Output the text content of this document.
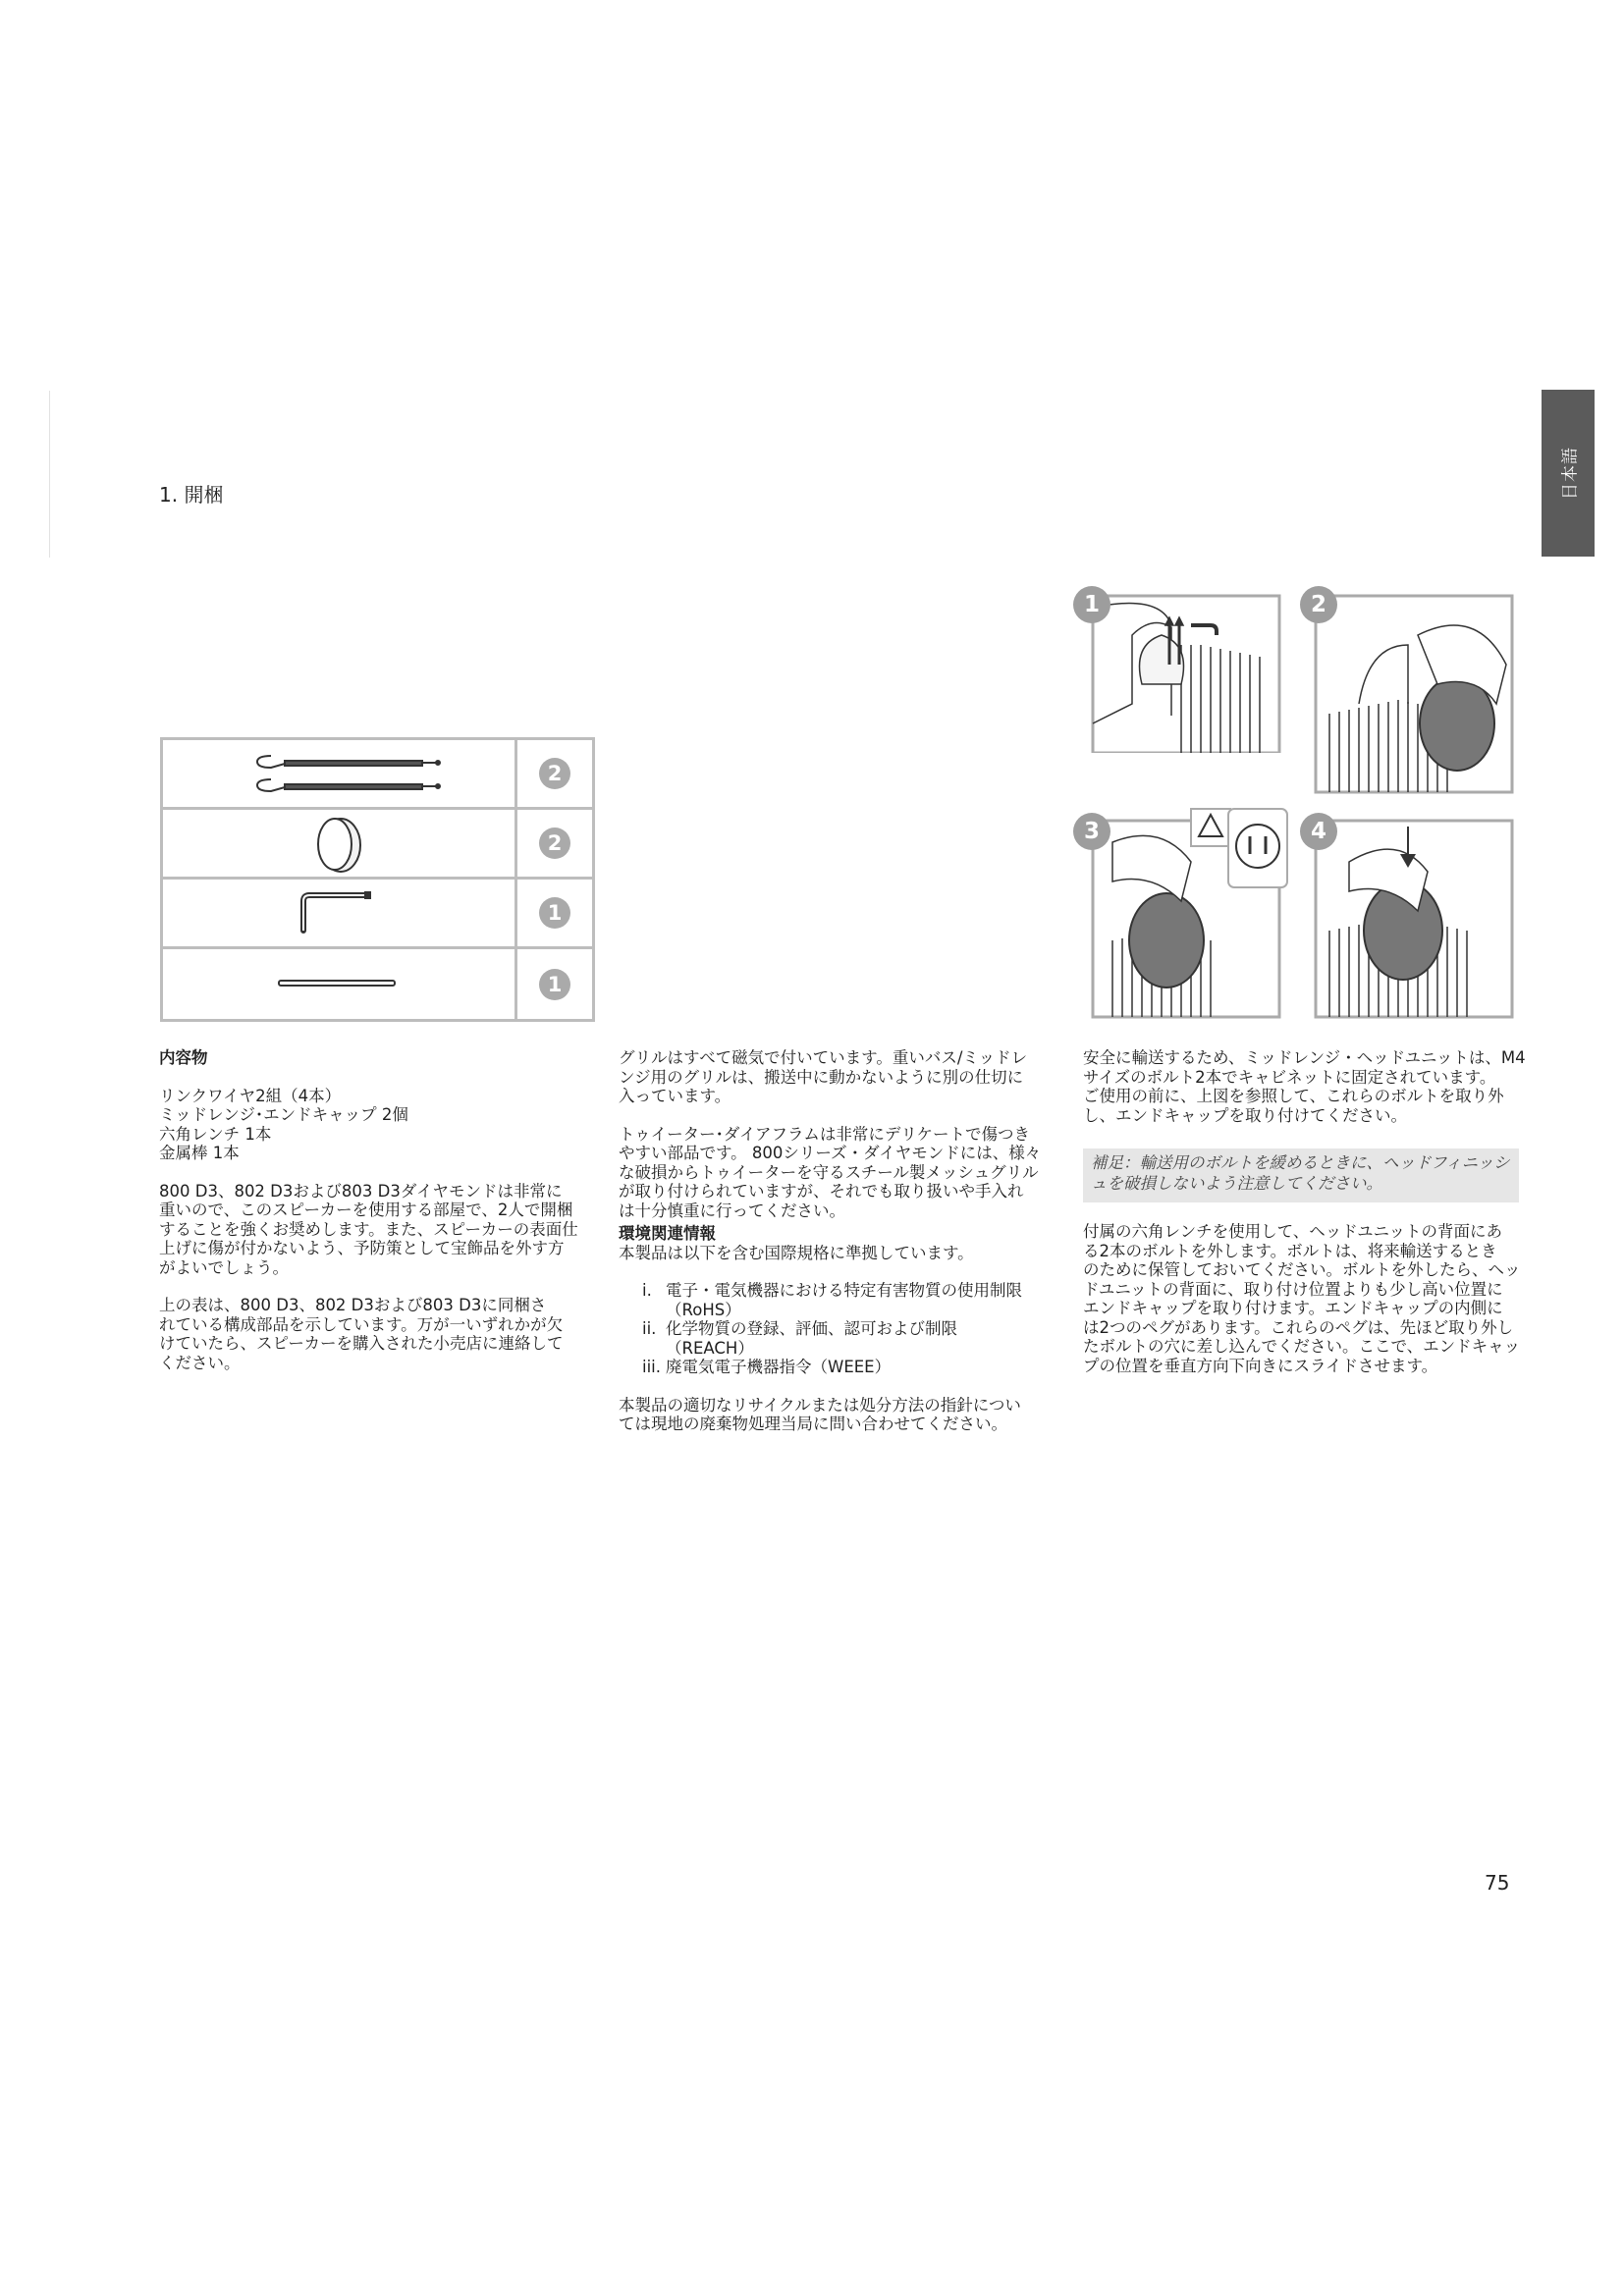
日本語
1. 開梱
2
2
1
1
1	2
3	4

内容物

リンクワイヤ2組（4本）

ミッドレンジ･エンドキャップ 2個

六角レンチ 1本

金属棒 1本

800 D3、802 D3および803 D3ダイヤモンドは非常に

重いので、このスピーカーを使用する部屋で、2人で開梱

することを強くお奨めします。また、スピーカーの表面仕

上げに傷が付かないよう、予防策として宝飾品を外す方

がよいでしょう。

上の表は、800 D3、802 D3および803 D3に同梱さ

れている構成部品を示しています。万が一いずれかが欠

けていたら、スピーカーを購入された小売店に連絡して

ください。

グリルはすべて磁気で付いています。重いバス/ミッドレ

ンジ用のグリルは、搬送中に動かないように別の仕切に

入っています。

トゥイーター･ダイアフラムは非常にデリケートで傷つき

やすい部品です。 800シリーズ・ダイヤモンドには、様々

な破損からトゥイーターを守るスチール製メッシュグリル

が取り付けられていますが、それでも取り扱いや手入れ

は十分慎重に行ってください。

環境関連情報

本製品は以下を含む国際規格に準拠しています。

i. 電子・電気機器における特定有害物質の使用制限

（RoHS）

ii. 化学物質の登録、評価、認可および制限

（REACH）

iii. 廃電気電子機器指令（WEEE）

本製品の適切なリサイクルまたは処分方法の指針につい

ては現地の廃棄物処理当局に問い合わせてください。

安全に輸送するため、ミッドレンジ・ヘッドユニットは、M4

サイズのボルト2本でキャビネットに固定されています。

ご使用の前に、上図を参照して、これらのボルトを取り外

し、エンドキャップを取り付けてください。

補足：輸送用のボルトを緩めるときに、ヘッドフィニッシ

ュを破損しないよう注意してください。

付属の六角レンチを使用して、ヘッドユニットの背面にあ

る2本のボルトを外します。ボルトは、将来輸送するとき

のために保管しておいてください。ボルトを外したら、ヘッ

ドユニットの背面に、取り付け位置よりも少し高い位置に

エンドキャップを取り付けます。エンドキャップの内側に

は2つのペグがあります。これらのペグは、先ほど取り外し

たボルトの穴に差し込んでください。ここで、エンドキャッ

プの位置を垂直方向下向きにスライドさせます。

75
